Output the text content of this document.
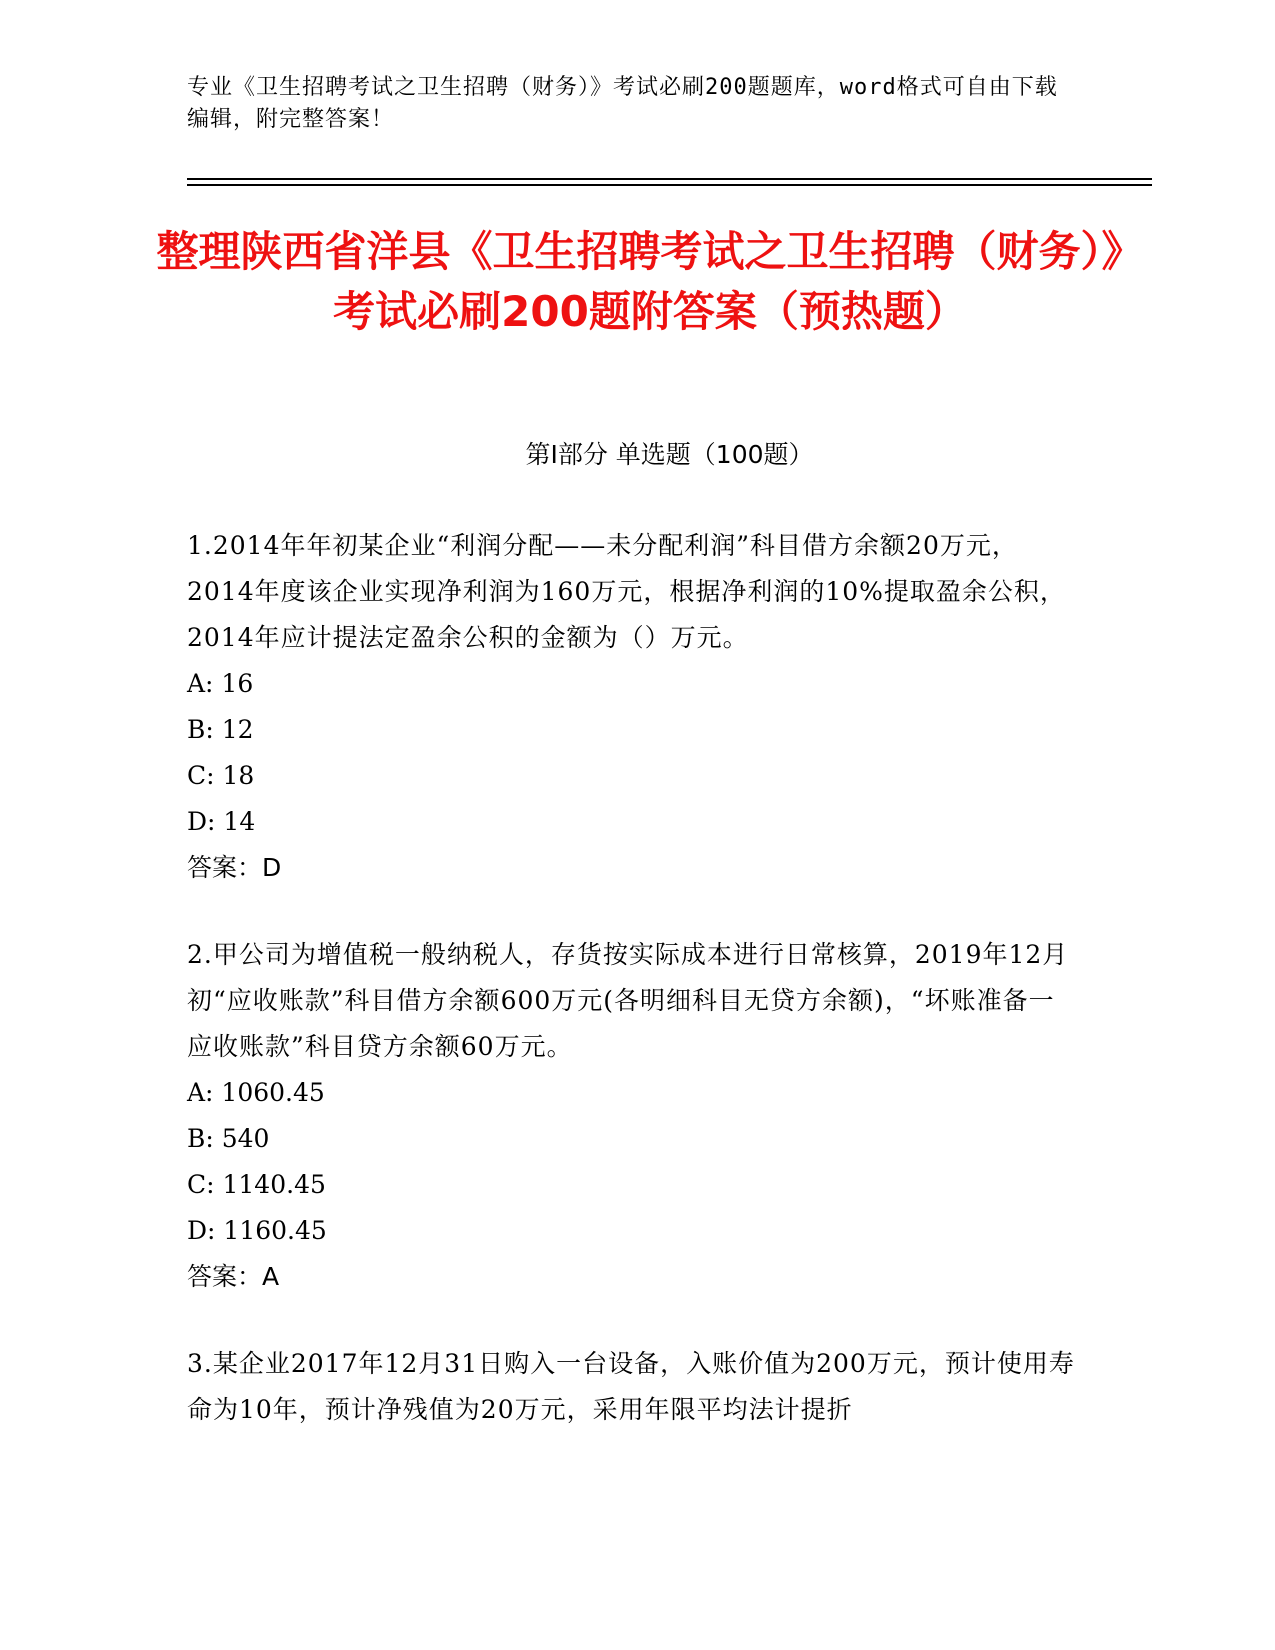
专业《卫生招聘考试之卫生招聘（财务）》考试必刷200题题库，word格式可自由下载编辑，附完整答案！
整理陕西省洋县《卫生招聘考试之卫生招聘（财务）》考试必刷200题附答案（预热题）
第Ⅰ部分 单选题（100题）
1.2014年年初某企业“利润分配——未分配利润”科目借方余额20万元，2014年度该企业实现净利润为160万元，根据净利润的10%提取盈余公积，2014年应计提法定盈余公积的金额为（）万元。
A: 16
B: 12
C: 18
D: 14
答案：D
2.甲公司为增值税一般纳税人，存货按实际成本进行日常核算，2019年12月初“应收账款”科目借方余额600万元(各明细科目无贷方余额)，“坏账准备一应收账款”科目贷方余额60万元。
A: 1060.45
B: 540
C: 1140.45
D: 1160.45
答案：A
3.某企业2017年12月31日购入一台设备，入账价值为200万元，预计使用寿命为10年，预计净残值为20万元，采用年限平均法计提折
